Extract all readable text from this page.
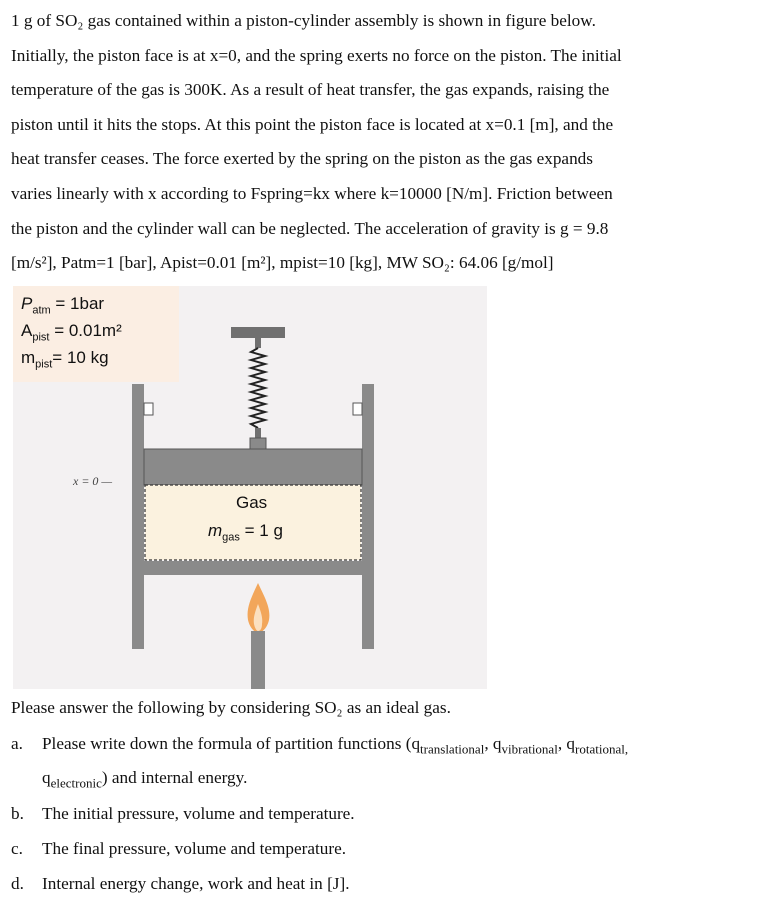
1 g of SO₂ gas contained within a piston-cylinder assembly is shown in figure below.

Initially, the piston face is at x=0, and the spring exerts no force on the piston. The initial

temperature of the gas is 300K. As a result of heat transfer, the gas expands, raising the

piston until it hits the stops. At this point the piston face is located at x=0.1 [m], and the

heat transfer ceases. The force exerted by the spring on the piston as the gas expands

varies linearly with x according to Fspring=kx where k=10000 [N/m]. Friction between

the piston and the cylinder wall can be neglected. The acceleration of gravity is g = 9.8

[m/s²], Patm=1 [bar], Apist=0.01 [m²], mpist=10 [kg], MW SO₂: 64.06 [g/mol]

$P_{atm} = 1bar$
$A_{pist} = 0.01m^2$
$m_{pist}= 10$ kg
x = 0 —
Gas
$m_{gas} = 1$ g
Please answer the following by considering SO₂ as an ideal gas.
a. Please write down the formula of partition functions ($q_{translational}$, $q_{vibrational}$, $q_{rotational,}$
$q_{electronic}$) and internal energy.
b. The initial pressure, volume and temperature.
c. The final pressure, volume and temperature.
d. Internal energy change, work and heat in [J].
